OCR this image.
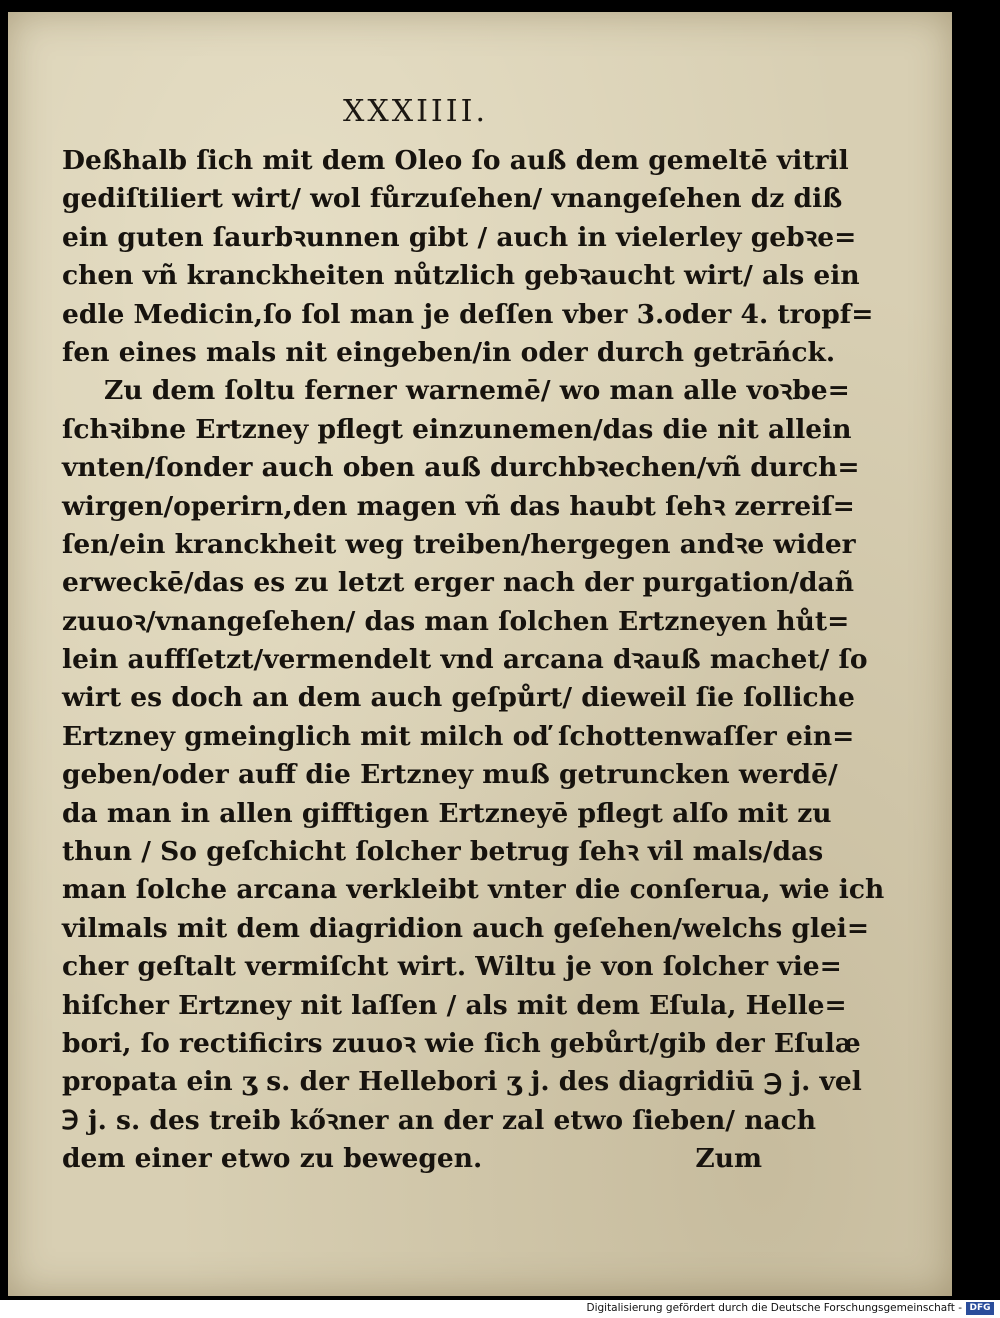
XXXIIII.
Deßhalb ſich mit dem Oleo ſo auß dem gemeltē vitril
gediſtiliert wirt/ wol fůrzuſehen/ vnangeſehen dz diß
ein guten ſaurbꝛunnen gibt / auch in vielerley gebꝛe=
chen vñ kranckheiten nůtzlich gebꝛaucht wirt/ als ein
edle Medicin,ſo ſol man je deſſen vber 3.oder 4. tropf=
fen eines mals nit eingeben/in oder durch getrāńck.
Zu dem ſoltu ferner warnemē/ wo man alle voꝛbe=
ſchꝛibne Ertzney pflegt einzunemen/das die nit allein
vnten/ſonder auch oben auß durchbꝛechen/vñ durch=
wirgen/operirn,den magen vñ das haubt ſehꝛ zerreiſ=
ſen/ein kranckheit weg treiben/hergegen andꝛe wider
erweckē/das es zu letzt erger nach der purgation/dañ
zuuoꝛ/vnangeſehen/ das man ſolchen Ertzneyen hůt=
lein auffſetzt/vermendelt vnd arcana dꝛauß machet/ ſo
wirt es doch an dem auch geſpůrt/ dieweil ſie ſolliche
Ertzney gmeinglich mit milch oď ſchottenwaſſer ein=
geben/oder auff die Ertzney muß getruncken werdē/
da man in allen gifftigen Ertzneyē pflegt alſo mit zu
thun / So geſchicht ſolcher betrug ſehꝛ vil mals/das
man ſolche arcana verkleibt vnter die conſerua, wie ich
vilmals mit dem diagridion auch geſehen/welchs glei=
cher geſtalt vermiſcht wirt. Wiltu je von ſolcher vie=
hiſcher Ertzney nit laſſen / als mit dem Eſula, Helle=
bori, ſo rectificirs zuuoꝛ wie ſich gebůrt/gib der Eſulæ
propata ein ʒ s. der Hellebori ʒ j. des diagridiū ℈ j. vel
℈ j. s. des treib kőꝛner an der zal etwo ſieben/ nach
dem einer etwo zu bewegen.	Zum
Digitalisierung gefördert durch die Deutsche Forschungsgemeinschaft - DFG
